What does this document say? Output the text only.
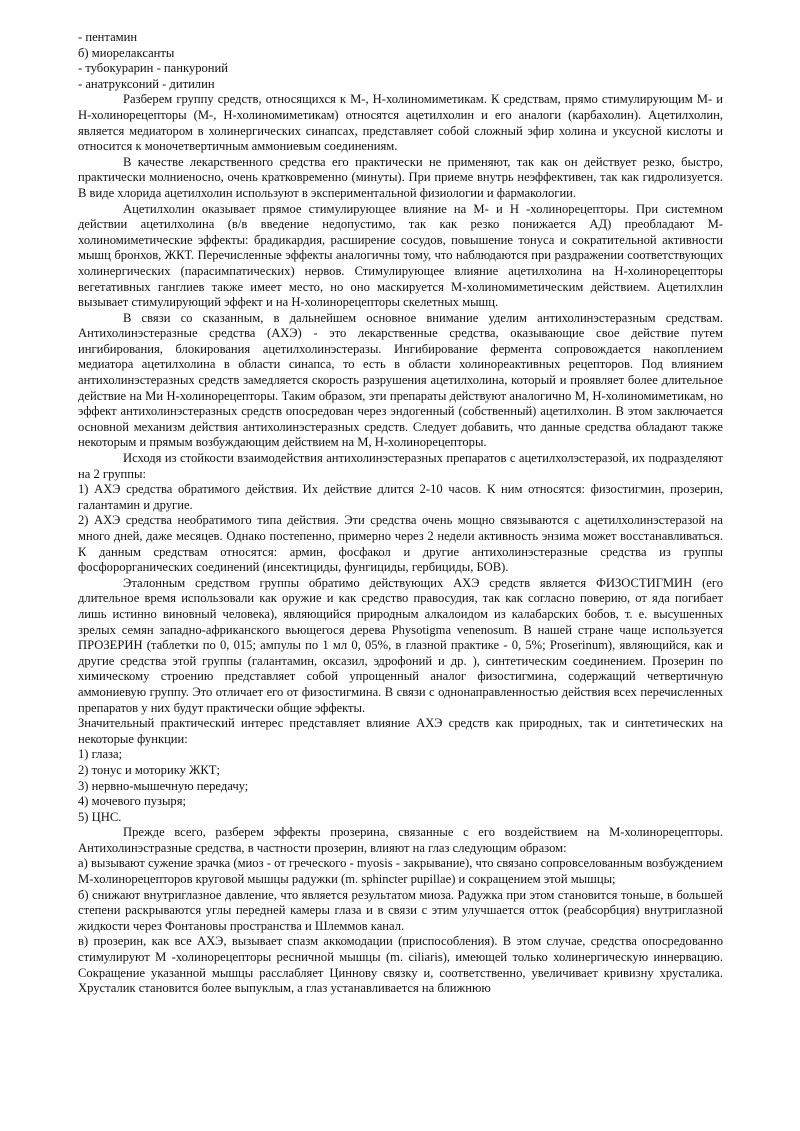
- пентамин
б) миорелаксанты
- тубокурарин - панкуроний
- анатруксоний - дитилин

Разберем группу средств, относящихся к М-, Н-холиномиметикам. К средствам, прямо стимулирующим М- и Н-холинорецепторы (М-, Н-холиномиметикам) относятся ацетилхолин и его аналоги (карбахолин). Ацетилхолин, является медиатором в холинергических синапсах, представляет собой сложный эфир холина и уксусной кислоты и относится к моночетвертичным аммониевым соединениям.

В качестве лекарственного средства его практически не применяют, так как он действует резко, быстро, практически молниеносно, очень кратковременно (минуты). При приеме внутрь неэффективен, так как гидролизуется. В виде хлорида ацетилхолин используют в экспериментальной физиологии и фармакологии.

Ацетилхолин оказывает прямое стимулирующее влияние на М- и Н -холинорецепторы. При системном действии ацетилхолина (в/в введение недопустимо, так как резко понижается АД) преобладают М-холиномиметические эффекты: брадикардия, расширение сосудов, повышение тонуса и сократительной активности мышц бронхов, ЖКТ. Перечисленные эффекты аналогичны тому, что наблюдаются при раздражении соответствующих холинергических (парасимпатических) нервов. Стимулирующее влияние ацетилхолина на Н-холинорецепторы вегетативных ганглиев также имеет место, но оно маскируется М-холиномиметическим действием. Ацетилхлин вызывает стимулирующий эффект и на Н-холинорецепторы скелетных мышц.

В связи со сказанным, в дальнейшем основное внимание уделим антихолинэстеразным средствам. Антихолинэстеразные средства (АХЭ) - это лекарственные средства, оказывающие свое действие путем ингибирования, блокирования ацетилхолинэстеразы. Ингибирование фермента сопровождается накоплением медиатора ацетилхолина в области синапса, то есть в области холинореактивных рецепторов. Под влиянием антихолинэстеразных средств замедляется скорость разрушения ацетилхолина, который и проявляет более длительное действие на Ми Н-холинорецепторы. Таким образом, эти препараты действуют аналогично М, Н-холиномиметикам, но эффект антихолинэстеразных средств опосредован через эндогенный (собственный) ацетилхолин. В этом заключается основной механизм действия антихолинэстеразных средств. Следует добавить, что данные средства обладают также некоторым и прямым возбуждающим действием на М, Н-холинорецепторы.

Исходя из стойкости взаимодействия антихолинэстеразных препаратов с ацетилхолэстеразой, их подразделяют на 2 группы:

1) АХЭ средства обратимого действия. Их действие длится 2-10 часов. К ним относятся: физостигмин, прозерин, галантамин и другие.

2) АХЭ средства необратимого типа действия. Эти средства очень мощно связываются с ацетилхолинэстеразой на много дней, даже месяцев. Однако постепенно, примерно через 2 недели активность энзима может восстанавливаться. К данным средствам относятся: армин, фосфакол и другие антихолинэстеразные средства из группы фосфорорганических соединений (инсектициды, фунгициды, гербициды, БОВ).

Эталонным средством группы обратимо действующих АХЭ средств является ФИЗОСТИГМИН (его длительное время использовали как оружие и как средство правосудия, так как согласно поверию, от яда погибает лишь истинно виновный человека), являющийся природным алкалоидом из калабарских бобов, т. е. высушенных зрелых семян западно-африканского вьющегося дерева Physotigma venenosum. В нашей стране чаще используется ПРОЗЕРИН (таблетки по 0, 015; ампулы по 1 мл 0, 05%, в глазной практике - 0, 5%; Proserinum), являющийся, как и другие средства этой группы (галантамин, оксазил, эдрофоний и др. ), синтетическим соединением. Прозерин по химическому строению представляет собой упрощенный аналог физостигмина, содержащий четвертичную аммониевую группу. Это отличает его от физостигмина. В связи с однонаправленностью действия всех перечисленных препаратов у них будут практически общие эффекты.

Значительный практический интерес представляет влияние АХЭ средств как природных, так и синтетических на некоторые функции:

1) глаза;
2) тонус и моторику ЖКТ;
3) нервно-мышечную передачу;
4) мочевого пузыря;
5) ЦНС.

Прежде всего, разберем эффекты прозерина, связанные с его воздействием на М-холинорецепторы. Антихолинэстразные средства, в частности прозерин, влияют на глаз следующим образом:

а) вызывают сужение зрачка (миоз - от греческого - myosis - закрывание), что связано сопровселованным возбуждением М-холинорецепторов круговой мышцы радужки (m. sphincter pupillae) и сокращением этой мышцы;

б) снижают внутриглазное давление, что является результатом миоза. Радужка при этом становится тоньше, в большей степени раскрываются углы передней камеры глаза и в связи с этим улучшается отток (реабсорбция) внутриглазной жидкости через Фонтановы пространства и Шлеммов канал.

в) прозерин, как все АХЭ, вызывает спазм аккомодации (приспособления). В этом случае, средства опосредованно стимулируют М -холинорецепторы ресничной мышцы (m. ciliaris), имеющей только холинергическую иннервацию. Сокращение указанной мышцы расслабляет Цинновy связку и, соответственно, увеличивает кривизну хрусталика. Хрусталик становится более выпуклым, а глаз устанавливается на ближнюю
